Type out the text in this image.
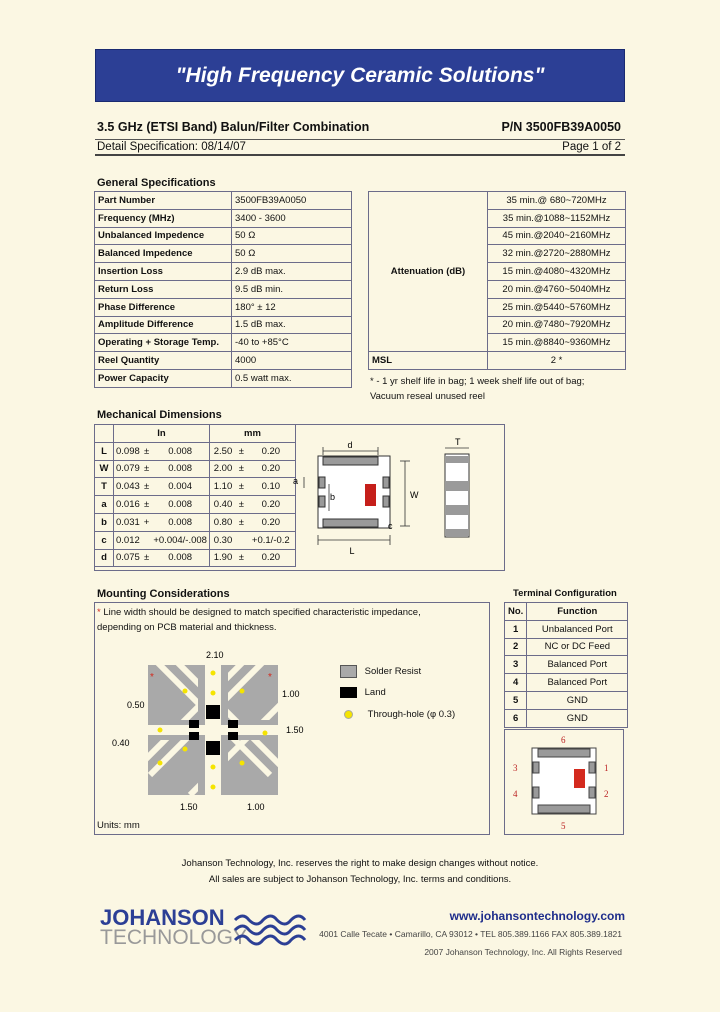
"High Frequency Ceramic Solutions"
3.5 GHz (ETSI Band) Balun/Filter Combination	P/N 3500FB39A0050
Detail Specification: 08/14/07	Page 1 of 2
General Specifications
Part Number	3500FB39A0050
Frequency (MHz)	3400 - 3600
Unbalanced Impedence	50 Ω
Balanced Impedence	50 Ω
Insertion Loss	2.9 dB max.
Return Loss	9.5 dB min.
Phase Difference	180° ± 12
Amplitude Difference	1.5 dB max.
Operating + Storage Temp.	-40 to +85°C
Reel Quantity	4000
Power Capacity	0.5 watt max.
Attenuation (dB)	35 min.@ 680~720MHz
	35 min.@1088~1152MHz
	45 min.@2040~2160MHz
	32 min.@2720~2880MHz
	15 min.@4080~4320MHz
	20 min.@4760~5040MHz
	25 min.@5440~5760MHz
	20 min.@7480~7920MHz
	15 min.@8840~9360MHz
MSL	2 *
* - 1 yr shelf life in bag; 1 week shelf life out of bag;
Vacuum reseal unused reel
Mechanical Dimensions
	In			mm		
L	0.098	±	0.008	2.50	±	0.20
W	0.079	±	0.008	2.00	±	0.20
T	0.043	±	0.004	1.10	±	0.10
a	0.016	±	0.008	0.40	±	0.20
b	0.031	+	0.008	0.80	±	0.20
c	0.012		+0.004/-.008	0.30		+0.1/-0.2
d	0.075	±	0.008	1.90	±	0.20
d
W
a
b
c
L
T
Mounting Considerations
* Line width should be designed to match specified characteristic impedance,
depending on PCB material and thickness.
*	*
2.10
1.00
0.50
1.50
0.40
1.50	1.00
Solder Resist
Land
Through-hole (φ 0.3)
Units: mm
Terminal Configuration
No.	Function
1	Unbalanced Port
2	NC or DC Feed
3	Balanced Port
4	Balanced Port
5	GND
6	GND
6
5
3
4
1
2
Johanson Technology, Inc. reserves the right to make design changes without notice.
All sales are subject to Johanson Technology, Inc. terms and conditions.
JOHANSON
TECHNOLOGY
www.johansontechnology.com
4001 Calle Tecate • Camarillo, CA 93012 • TEL 805.389.1166 FAX 805.389.1821
2007 Johanson Technology, Inc. All Rights Reserved
